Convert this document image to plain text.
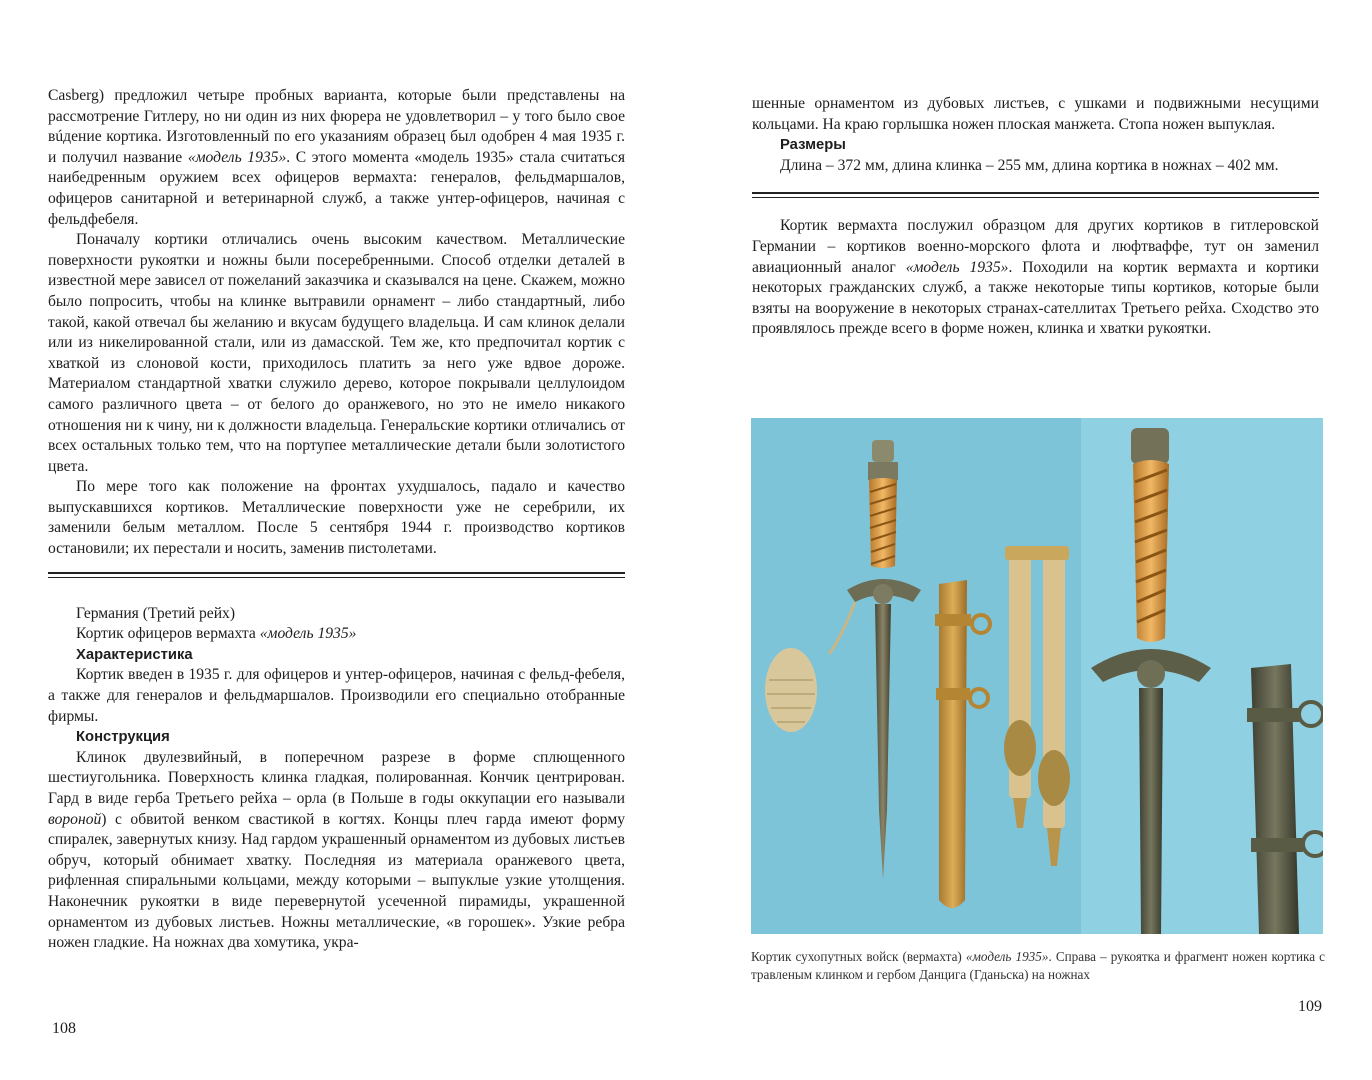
Casberg) предложил четыре пробных варианта, которые были представлены на рассмотрение Гитлеру, но ни один из них фюрера не удовлетворил – у того было свое вúдение кортика. Изготовленный по его указаниям образец был одобрен 4 мая 1935 г. и получил название «модель 1935». С этого момента «модель 1935» стала считаться наибедренным оружием всех офицеров вермахта: генералов, фельдмаршалов, офицеров санитарной и ветеринарной служб, а также унтер-офицеров, начиная с фельдфебеля.

Поначалу кортики отличались очень высоким качеством. Металлические поверхности рукоятки и ножны были посеребренными. Способ отделки деталей в известной мере зависел от пожеланий заказчика и сказывался на цене. Скажем, можно было попросить, чтобы на клинке вытравили орнамент – либо стандартный, либо такой, какой отвечал бы желанию и вкусам будущего владельца. И сам клинок делали или из никелированной стали, или из дамасской. Тем же, кто предпочитал кортик с хваткой из слоновой кости, приходилось платить за него уже вдвое дороже. Материалом стандартной хватки служило дерево, которое покрывали целлулоидом самого различного цвета – от белого до оранжевого, но это не имело никакого отношения ни к чину, ни к должности владельца. Генеральские кортики отличались от всех остальных только тем, что на портупее металлические детали были золотистого цвета.

По мере того как положение на фронтах ухудшалось, падало и качество выпускавшихся кортиков. Металлические поверхности уже не серебрили, их заменили белым металлом. После 5 сентября 1944 г. производство кортиков остановили; их перестали и носить, заменив пистолетами.

Германия (Третий рейх)

Кортик офицеров вермахта «модель 1935»

Характеристика

Кортик введен в 1935 г. для офицеров и унтер-офицеров, начиная с фельд-фебеля, а также для генералов и фельдмаршалов. Производили его специально отобранные фирмы.

Конструкция

Клинок двулезвийный, в поперечном разрезе в форме сплющенного шестиугольника. Поверхность клинка гладкая, полированная. Кончик центрирован. Гард в виде герба Третьего рейха – орла (в Польше в годы оккупации его называли вороной) с обвитой венком свастикой в когтях. Концы плеч гарда имеют форму спиралек, завернутых книзу. Над гардом украшенный орнаментом из дубовых листьев обруч, который обнимает хватку. Последняя из материала оранжевого цвета, рифленная спиральными кольцами, между которыми – выпуклые узкие утолщения. Наконечник рукоятки в виде перевернутой усеченной пирамиды, украшенной орнаментом из дубовых листьев. Ножны металлические, «в горошек». Узкие ребра ножен гладкие. На ножнах два хомутика, укра-

108

шенные орнаментом из дубовых листьев, с ушками и подвижными несущими кольцами. На краю горлышка ножен плоская манжета. Стопа ножен выпуклая.

Размеры

Длина – 372 мм, длина клинка – 255 мм, длина кортика в ножнах – 402 мм.

Кортик вермахта послужил образцом для других кортиков в гитлеровской Германии – кортиков военно-морского флота и люфтваффе, тут он заменил авиационный аналог «модель 1935». Походили на кортик вермахта и кортики некоторых гражданских служб, а также некоторые типы кортиков, которые были взяты на вооружение в некоторых странах-сателлитах Третьего рейха. Сходство это проявлялось прежде всего в форме ножен, клинка и хватки рукоятки.

109
Кортик сухопутных войск (вермахта) «модель 1935». Справа – рукоятка и фрагмент ножен кортика с травленым клинком и гербом Данцига (Гданьска) на ножнах
